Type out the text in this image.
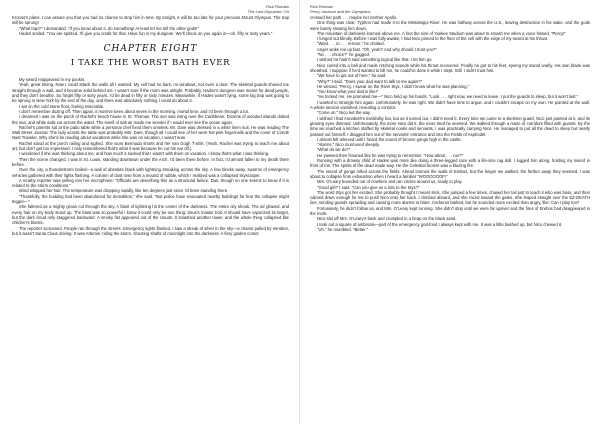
Rick Riordan
The Last Olympian / 03

Kronos's plans. I can assure you that you had no chance to stop him in time. By tonight, it will be too late for your precious Mount Olympus. The trap will be sprung!

"What trap?" I demanded. "If you know about it, do something! At least let me tell the other gods!"

Hades smiled. "You are spirited. I'll give you credit for that. Have fun in my dungeon. We'll check on you again in—oh, fifty or sixty years."

CHAPTER EIGHT
I TAKE THE WORST BATH EVER

My sword reappeared in my pocket.

Yeah, great timing. Now I could attack the walls all I wanted. My cell had no bars, no windows, not even a door. The skeletal guards shoved me straight through a wall, and it became solid behind me. I wasn't sure if the room was airtight. Probably. Hades's dungeon was meant for dead people, and they don't breathe. So forget fifty or sixty years. I'd be dead in fifty or sixty minutes. Meanwhile, if Hades wasn't lying, some big trap was going to be sprung in New York by the end of the day, and there was absolutely nothing I could do about it.

I sat on the cold stone floor, feeling miserable.

I don't remember dozing off. Then again, it must've been about seven in the morning, mortal time, and I'd been through a lot.

I dreamed I was on the porch of Rachel's beach house in St. Thomas. The sun was rising over the Caribbean. Dozens of wooded islands dotted the sea, and white sails cut across the water. The smell of salt air made me wonder if I would ever see the ocean again.

Rachel's parents sat at the patio table while a personal chef fixed them omelets. Mr. Dare was dressed in a white linen suit. He was reading The Wall Street Journal. The lady across the table was probably Mrs. Dare, though all I could see of her were hot pink fingernails and the cover of Condé Nast Traveler. Why she'd be reading about vacations while she was on vacation, I wasn't sure.

Rachel stood at the porch railing and sighed. She wore Bermuda shorts and her van Gogh T-shirt. (Yeah, Rachel was trying to teach me about art, but don't get too impressed. I only remembered that's what it was because he cut his ear off.)

I wondered if she was thinking about me, and how much it sucked that I wasn't with them on vacation. I know that's what I was thinking.

Then the scene changed. I was in St. Louis, standing downtown under the Arch. I'd been there before. In fact, I'd almost fallen to my death there before.

Over the city, a thunderstorm boiled—a wall of absolute black with lightning streaking across the sky. A few blocks away, swarms of emergency vehicles gathered with their lights flashing. A column of dust rose from a mound of rubble, which I realized was a collapsed skyscraper.

A nearby reporter was yelling into her microphone: "Officials are describing this as a structural failure, Dan, though no one seems to know if it is related to the storm conditions."

Wind whipped her hair. The temperature was dropping rapidly, like ten degrees just since I'd been standing there.

"Thankfully, the building had been abandoned for demolition," she said. "But police have evacuated nearby buildings for fear the collapse might trigger—"

She faltered as a mighty groan cut through the sky. A blast of lightning hit the center of the darkness. The entire city shook. The air glowed, and every hair on my body stood up. The blast was so powerful I knew it could only be one thing: Zeus's master bolt. It should have vaporized its target, but the dark cloud only staggered backward. A smoky fist appeared out of the clouds. It smashed another tower, and the whole thing collapsed like children's blocks.

The reporter screamed. People ran through the streets. Emergency lights flashed. I saw a streak of silver in the sky—a chariot pulled by reindeer, but it wasn't Santa Claus driving. It was Artemis, riding the storm, shooting shafts of moonlight into the darkness. A fiery golden comet

Rick Riordan
Percy Jackson and the Olympians

crossed her path . . . maybe her brother Apollo.

One thing was clear: Typhon had made it to the Mississippi River. He was halfway across the U.S., leaving destruction in his wake, and the gods were barely slowing him down.

The mountain of darkness loomed above me. A foot the size of Yankee Stadium was about to smash me when a voice hissed, "Percy!"

I lunged out blindly. Before I was fully awake, I had Nico pinned to the floor of the cell with the edge of my sword at his throat.

"Want . . . to . . . rescue," he choked.

Anger woke me up fast. "Oh, yeah? And why should I trust you?"

"No . . . choice?" he gagged.

I wished he hadn't said something logical like that. I let him go.

Nico curled into a ball and made retching sounds while his throat recovered. Finally he got to his feet, eyeing my sword warily. His own blade was sheathed. I suppose if he'd wanted to kill me, he could've done it while I slept. Still, I didn't trust him.

"We have to get out of here," he said.

"Why?" I said. "Does your dad want to talk to me again?"

He winced. "Percy, I swear on the River Styx, I didn't know what he was planning."

"You know what your dad is like!"

"He tricked me. He promised me—" Nico held up his hands. "Look . . . right now, we need to leave. I put the guards to sleep, but it won't last."

I wanted to strangle him again. Unfortunately, he was right. We didn't have time to argue, and I couldn't escape on my own. He pointed at the wall. A whole section vanished, revealing a corridor.

"Come on." Nico led the way.

I wished I had Annabeth's invisibility hat, but as it turned out, I didn't need it. Every time we came to a skeleton guard, Nico just pointed at it, and its glowing eyes dimmed. Unfortunately, the more Nico did it, the more tired he seemed. We walked through a maze of corridors filled with guards. By the time we reached a kitchen staffed by skeletal cooks and servants, I was practically carrying Nico. He managed to put all the dead to sleep but nearly passed out himself. I dragged him out of the servants' entrance and into the Fields of Asphodel.

I almost felt relieved until I heard the sound of bronze gongs high in the castle.

"Alarms," Nico murmured sleepily.

"What do we do?"

He yawned then frowned like he was trying to remember. "How about . . . run?"

Running with a drowsy child of Hades was more like doing a three-legged race with a life-size rag doll. I lugged him along, holding my sword in front of me. The spirits of the dead made way. He the Celestial bronze was a blazing fire.

The sound of gongs rolled across the fields. Ahead loomed the walls of Erebos, but the longer we walked, the farther away they seemed. I was about to collapse from exhaustion when I heard a familiar "WOOOOOOF!"

Mrs. O'Leary bounded out of nowhere and ran circles around us, ready to play.

"Good girl!" I said. "Can you give us a ride to the Styx?"

The word Styx got her excited. She probably thought I meant stick. She jumped a few times, chased her tail just to teach it who was boss, and then calmed down enough for me to push Nico onto her back. I climbed aboard, and she raced toward the gates. She leaped straight over the EZ-DEATH line, sending guards sprawling and causing more alarms to blare. Cerberus barked, but he sounded more excited than angry, like: Can I play too?

Fortunately, he didn't follow us, and Mrs. O'Leary kept running. She didn't stop until we were far upriver and the fires of Erebos had disappeared in the murk.

Nico slid off Mrs. O'Leary's back and crumpled in a heap on the black sand.

I took out a square of ambrosia—part of the emergency god-food I always kept with me. It was a little bashed up, but Nico chewed it.

"Uh," he mumbled. "Better."
